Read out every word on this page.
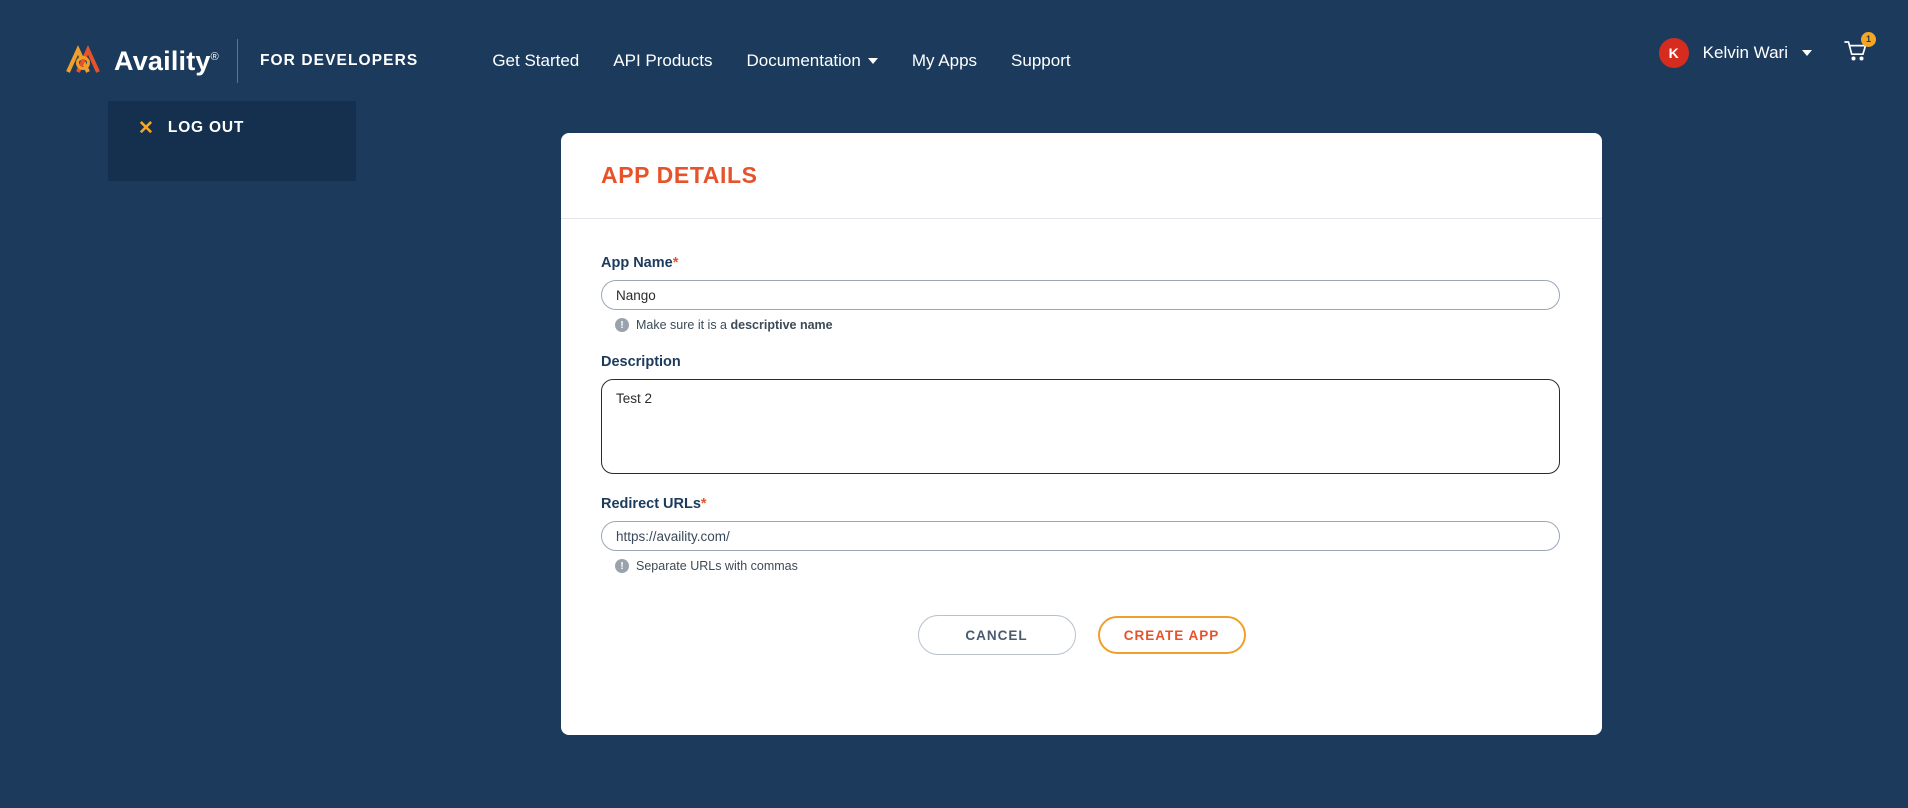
Availity®	FOR DEVELOPERS	Get Started API Products Documentation	My Apps Support	K	Kelvin Wari
1
✕ LOG OUT
APP DETAILS
App Name*
Nango
! Make sure it is a descriptive name
Description
Test 2
Redirect URLs*
https://availity.com/
! Separate URLs with commas
CANCEL	CREATE APP
